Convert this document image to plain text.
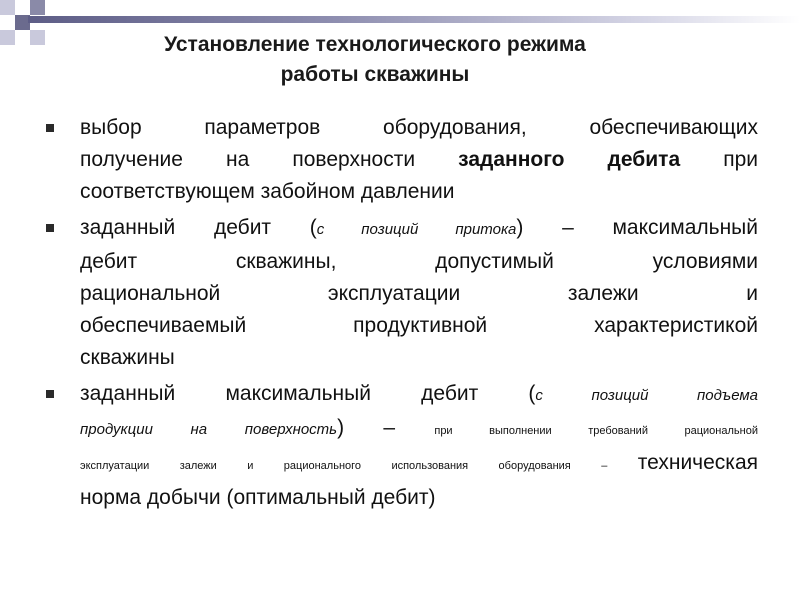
Установление технологического режима
работы скважины
выбор параметров оборудования, обеспечивающих
получение на поверхности заданного дебита при
соответствующем забойном давлении
заданный дебит (с позиций притока) – максимальный
дебит скважины, допустимый условиями
рациональной эксплуатации залежи и
обеспечиваемый продуктивной характеристикой
скважины
заданный максимальный дебит (с позиций подъема
продукции на поверхность) – при выполнении требований рациональной
эксплуатации залежи и рационального использования оборудования – техническая
норма добычи (оптимальный дебит)
